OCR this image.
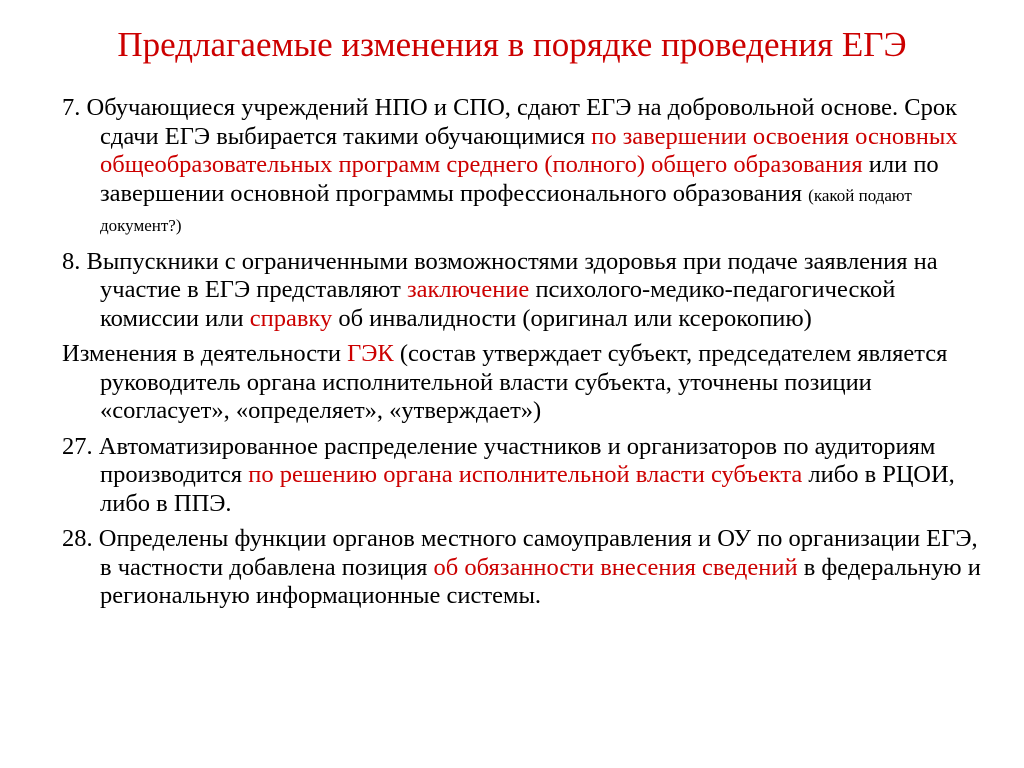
Предлагаемые изменения в порядке проведения ЕГЭ

7. Обучающиеся учреждений НПО и СПО, сдают ЕГЭ на добровольной основе. Срок сдачи ЕГЭ выбирается такими обучающимися по завершении освоения основных общеобразовательных программ среднего (полного) общего образования или по завершении основной программы профессионального образования (какой подают документ?)

8. Выпускники с ограниченными возможностями здоровья при подаче заявления на участие в ЕГЭ представляют заключение психолого-медико-педагогической комиссии или справку об инвалидности (оригинал или ксерокопию)

Изменения в деятельности ГЭК (состав утверждает субъект, председателем является руководитель органа исполнительной власти субъекта, уточнены позиции «согласует», «определяет», «утверждает»)

27. Автоматизированное распределение участников и организаторов по аудиториям производится по решению органа исполнительной власти субъекта либо в РЦОИ, либо в ППЭ.

28. Определены функции органов местного самоуправления и ОУ по организации ЕГЭ, в частности добавлена позиция об обязанности внесения сведений в федеральную и региональную информационные системы.
